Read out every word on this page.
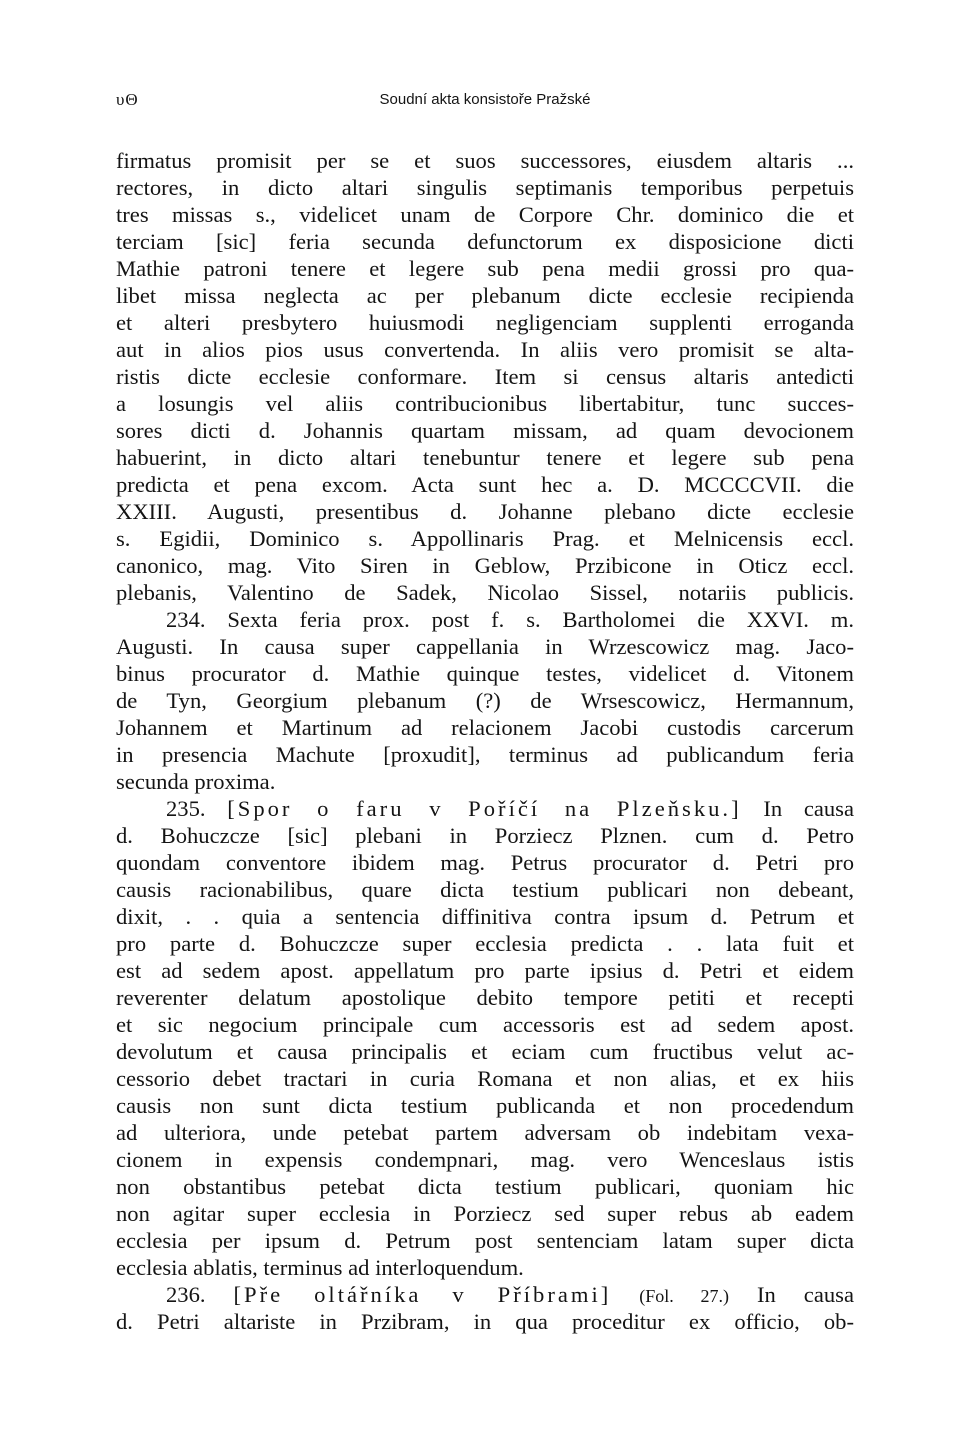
υΘ	Soudní akta konsistoře Pražské
firmatus promisit per se et suos successores, eiusdem altaris ...
rectores, in dicto altari singulis septimanis temporibus perpetuis
tres missas s., videlicet unam de Corpore Chr. dominico die et
terciam [sic] feria secunda defunctorum ex disposicione dicti
Mathie patroni tenere et legere sub pena medii grossi pro qua-
libet missa neglecta ac per plebanum dicte ecclesie recipienda
et alteri presbytero huiusmodi negligenciam supplenti erroganda
aut in alios pios usus convertenda. In aliis vero promisit se alta-
ristis dicte ecclesie conformare. Item si census altaris antedicti
a losungis vel aliis contribucionibus libertabitur, tunc succes-
sores dicti d. Johannis quartam missam, ad quam devocionem
habuerint, in dicto altari tenebuntur tenere et legere sub pena
predicta et pena excom. Acta sunt hec a. D. MCCCCVII. die
XXIII. Augusti, presentibus d. Johanne plebano dicte ecclesie
s. Egidii, Dominico s. Appollinaris Prag. et Melnicensis eccl.
canonico, mag. Vito Siren in Geblow, Przibicone in Oticz eccl.
plebanis, Valentino de Sadek, Nicolao Sissel, notariis publicis.
234. Sexta feria prox. post f. s. Bartholomei die XXVI. m.
Augusti. In causa super cappellania in Wrzescowicz mag. Jaco-
binus procurator d. Mathie quinque testes, videlicet d. Vitonem
de Tyn, Georgium plebanum (?) de Wrsescowicz, Hermannum,
Johannem et Martinum ad relacionem Jacobi custodis carcerum
in presencia Machute [proxudit], terminus ad publicandum feria
secunda proxima.
235. [Spor o faru v Poříčí na Plzeňsku.] In causa
d. Bohuczcze [sic] plebani in Porziecz Plznen. cum d. Petro
quondam conventore ibidem mag. Petrus procurator d. Petri pro
causis racionabilibus, quare dicta testium publicari non debeant,
dixit, . . quia a sentencia diffinitiva contra ipsum d. Petrum et
pro parte d. Bohuczcze super ecclesia predicta . . lata fuit et
est ad sedem apost. appellatum pro parte ipsius d. Petri et eidem
reverenter delatum apostolique debito tempore petiti et recepti
et sic negocium principale cum accessoris est ad sedem apost.
devolutum et causa principalis et eciam cum fructibus velut ac-
cessorio debet tractari in curia Romana et non alias, et ex hiis
causis non sunt dicta testium publicanda et non procedendum
ad ulteriora, unde petebat partem adversam ob indebitam vexa-
cionem in expensis condempnari, mag. vero Wenceslaus istis
non obstantibus petebat dicta testium publicari, quoniam hic
non agitar super ecclesia in Porziecz sed super rebus ab eadem
ecclesia per ipsum d. Petrum post sentenciam latam super dicta
ecclesia ablatis, terminus ad interloquendum.
236. [Pře oltářníka v Příbrami] (Fol. 27.) In causa
d. Petri altariste in Przibram, in qua proceditur ex officio, ob-
